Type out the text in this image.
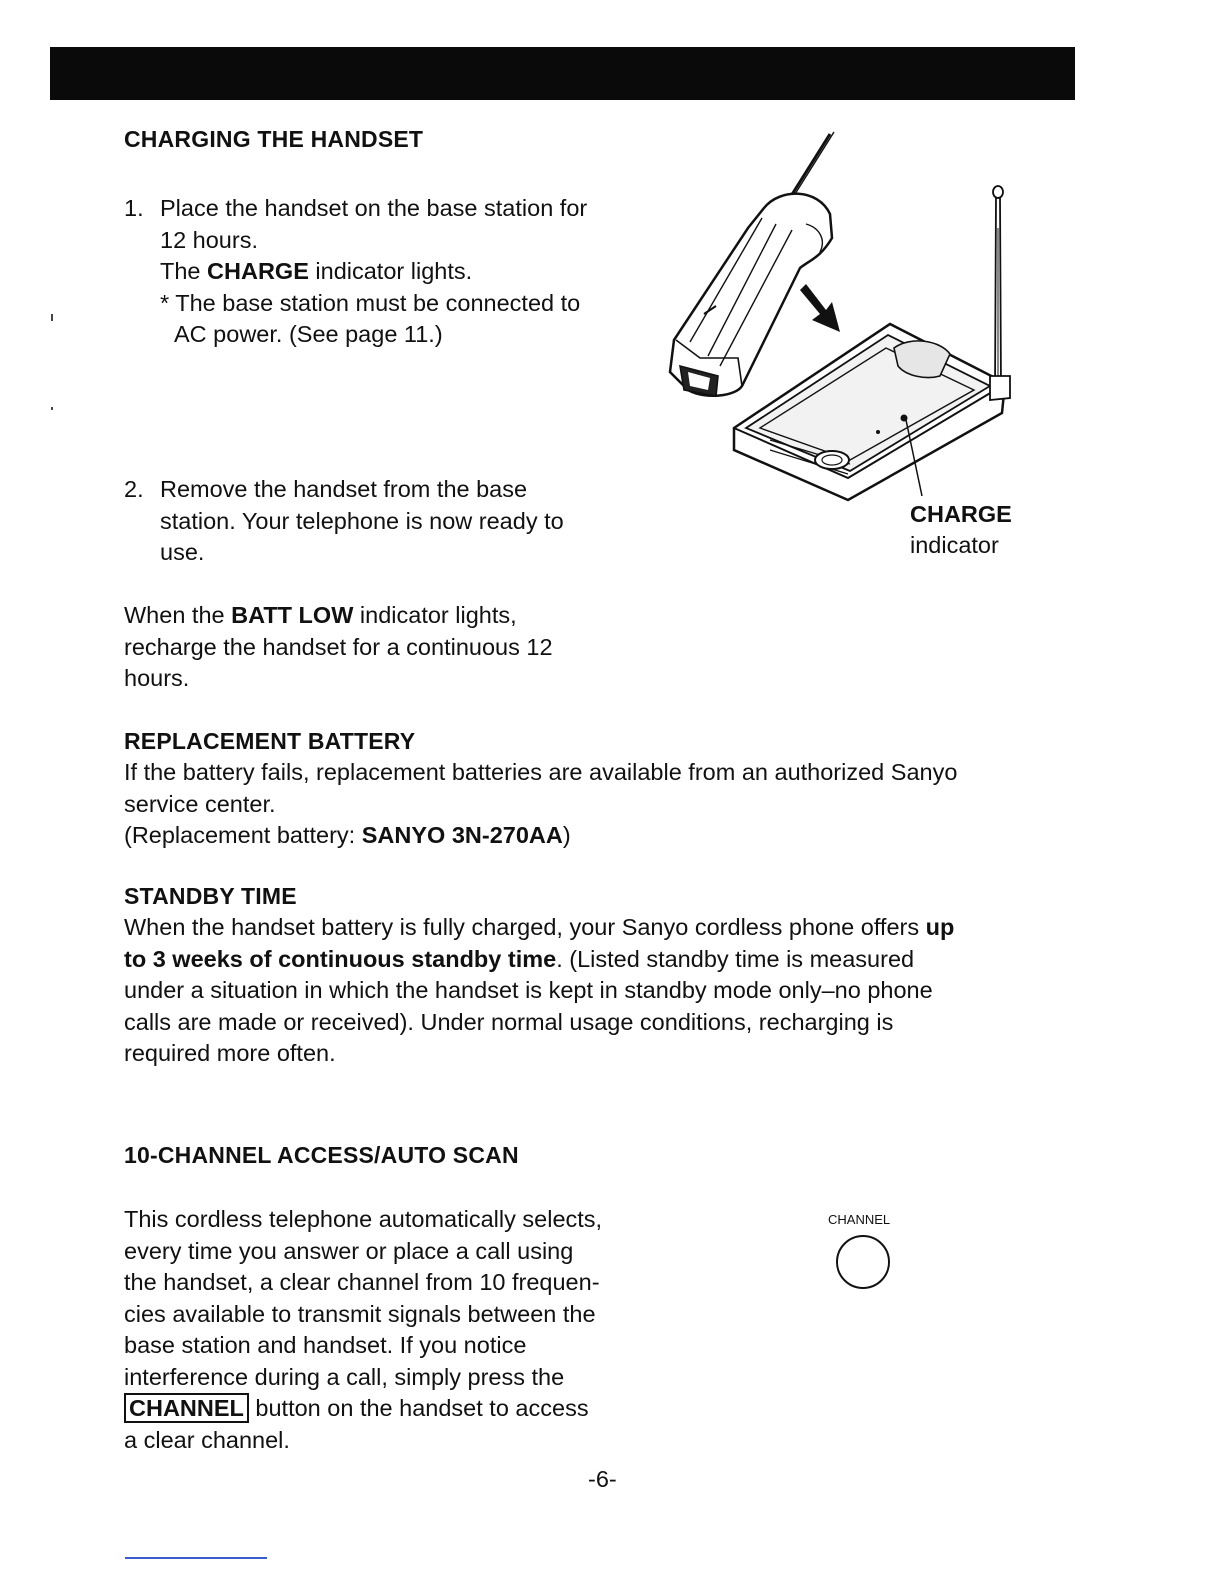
CHARGING THE HANDSET
1. Place the handset on the base station for
12 hours.
The CHARGE indicator lights.
* The base station must be connected to
AC power. (See page 11.)
2. Remove the handset from the base
station. Your telephone is now ready to
use.
When the BATT LOW indicator lights,
recharge the handset for a continuous 12
hours.
CHARGE
indicator
REPLACEMENT BATTERY
If the battery fails, replacement batteries are available from an authorized Sanyo
service center.
(Replacement battery: SANYO 3N-270AA)
STANDBY TIME
When the handset battery is fully charged, your Sanyo cordless phone offers up
to 3 weeks of continuous standby time. (Listed standby time is measured
under a situation in which the handset is kept in standby mode only–no phone
calls are made or received). Under normal usage conditions, recharging is
required more often.
10-CHANNEL ACCESS/AUTO SCAN
This cordless telephone automatically selects,
every time you answer or place a call using
the handset, a clear channel from 10 frequen-
cies available to transmit signals between the
base station and handset. If you notice
interference during a call, simply press the
CHANNEL button on the handset to access
a clear channel.
CHANNEL
-6-
